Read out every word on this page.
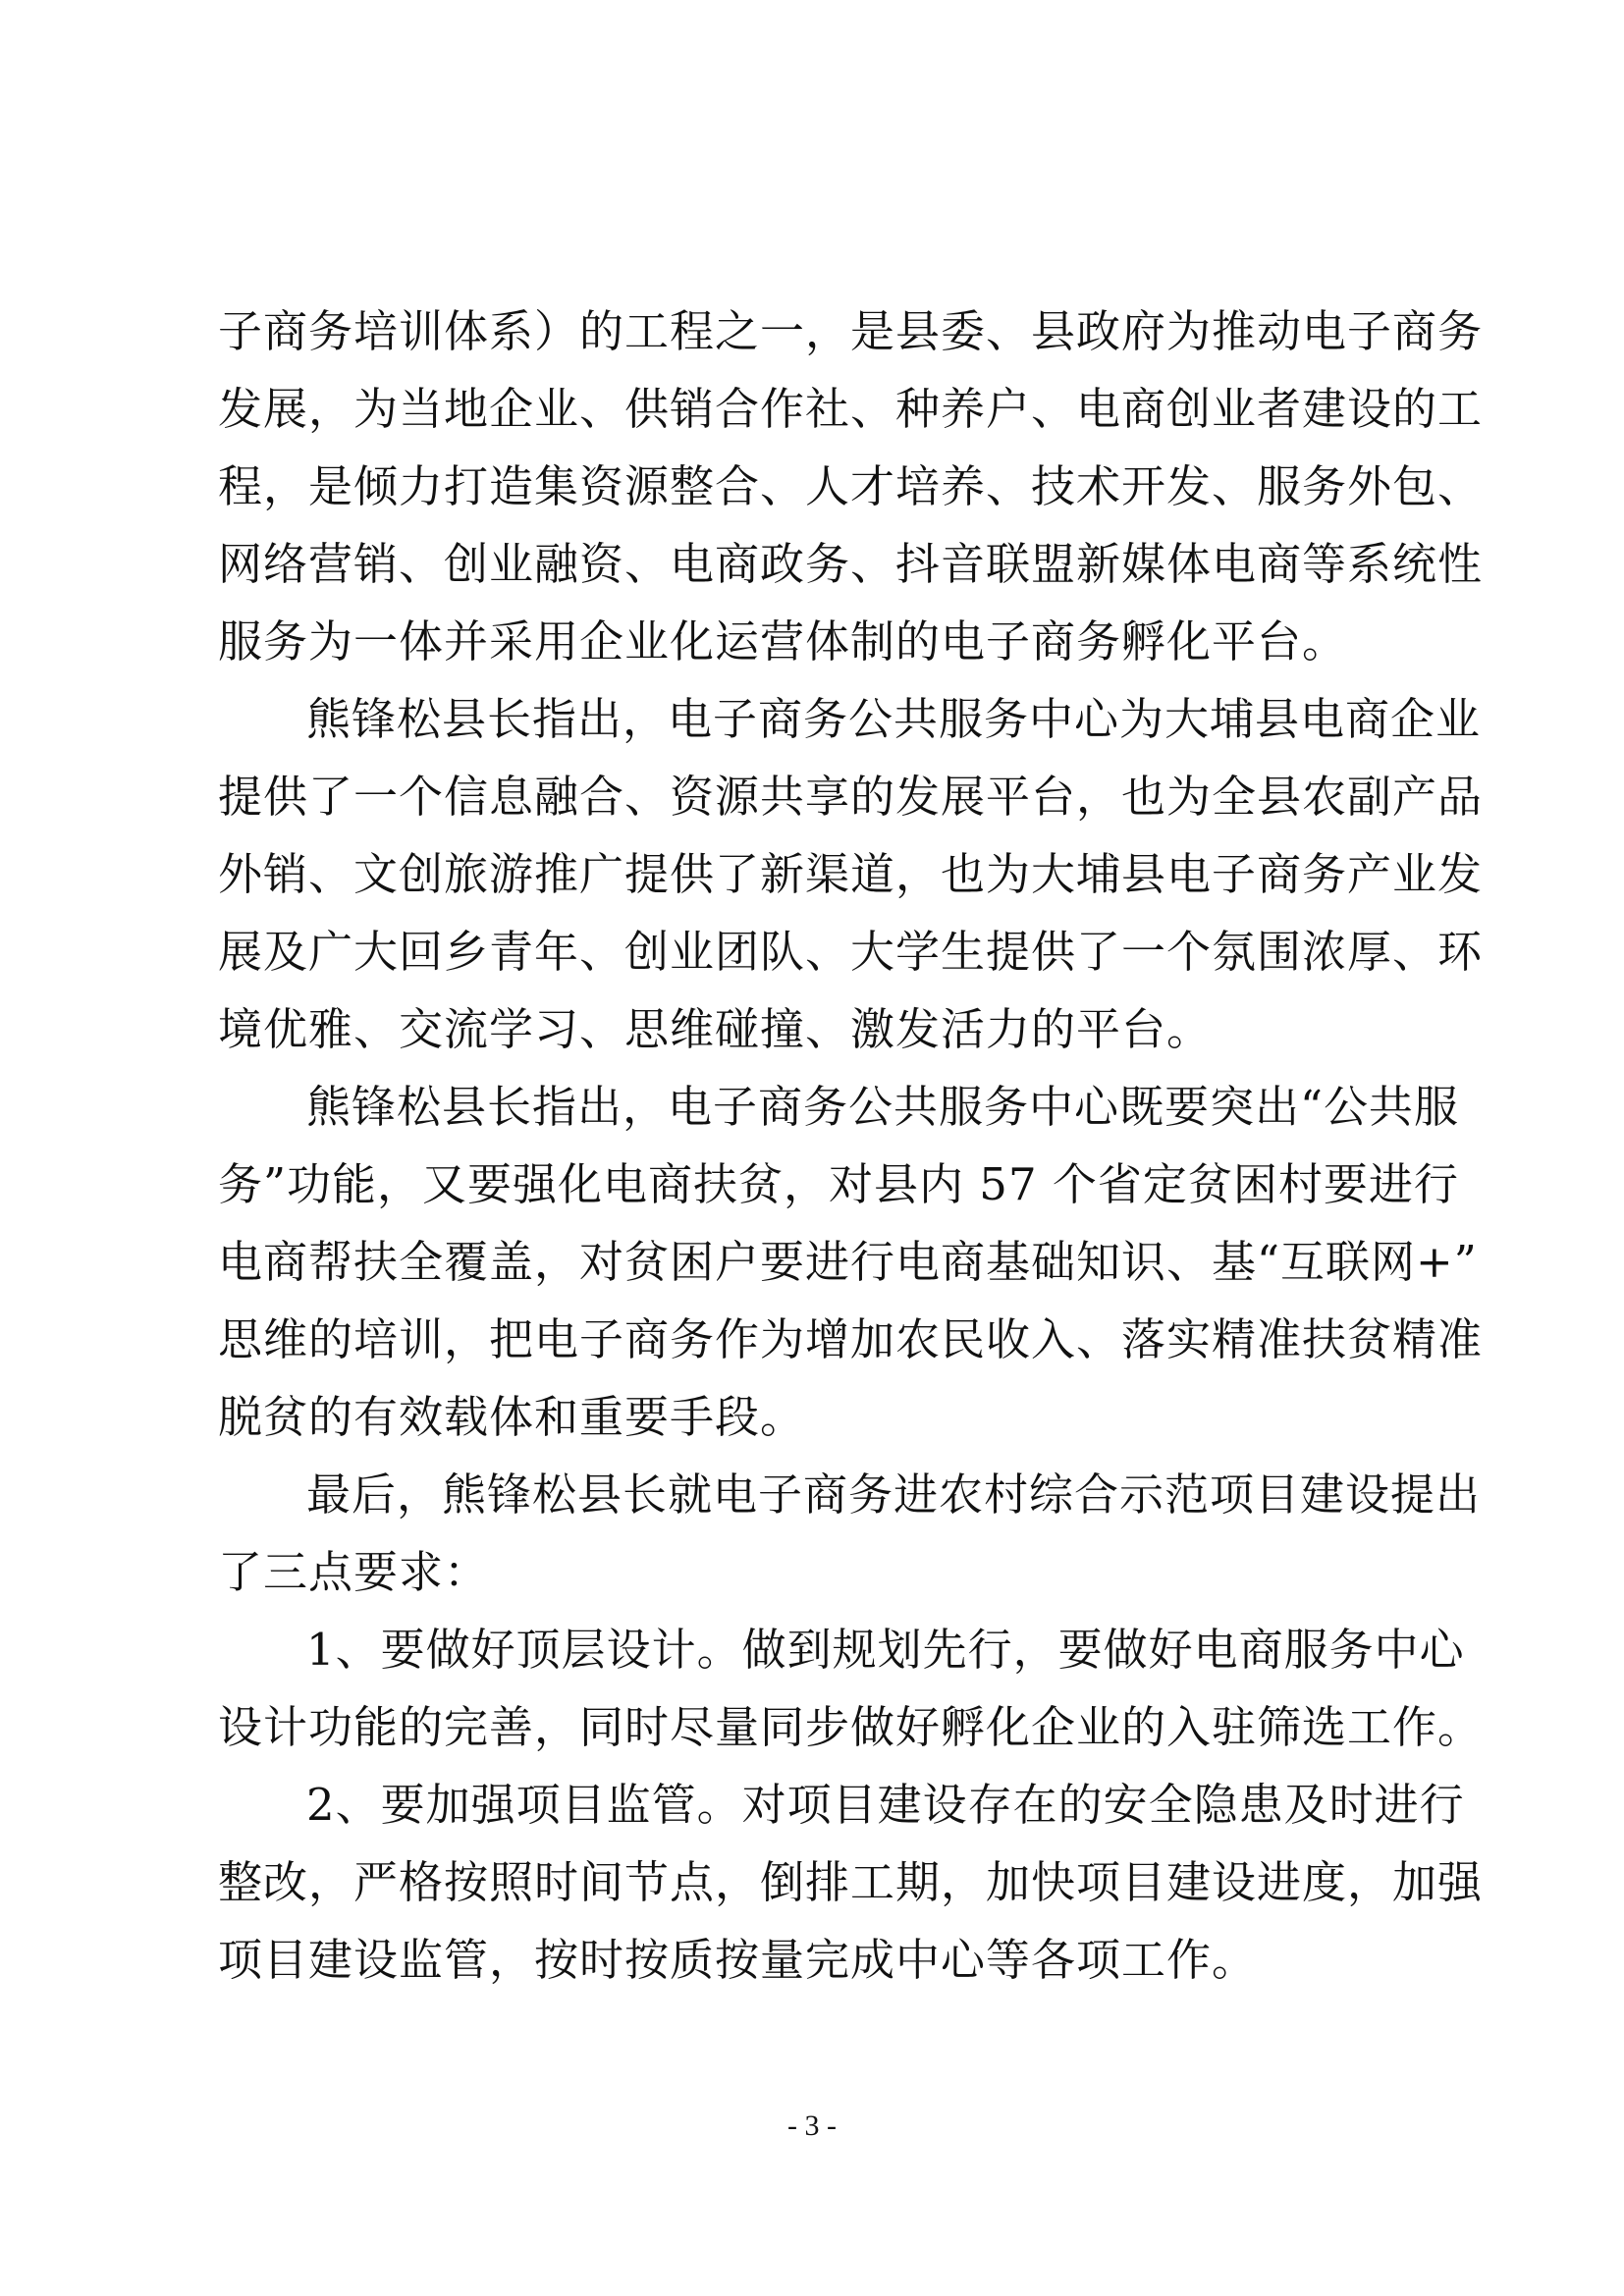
子商务培训体系）的工程之一，是县委、县政府为推动电子商务
发展，为当地企业、供销合作社、种养户、电商创业者建设的工
程，是倾力打造集资源整合、人才培养、技术开发、服务外包、
网络营销、创业融资、电商政务、抖音联盟新媒体电商等系统性
服务为一体并采用企业化运营体制的电子商务孵化平台。
熊锋松县长指出，电子商务公共服务中心为大埔县电商企业
提供了一个信息融合、资源共享的发展平台，也为全县农副产品
外销、文创旅游推广提供了新渠道，也为大埔县电子商务产业发
展及广大回乡青年、创业团队、大学生提供了一个氛围浓厚、环
境优雅、交流学习、思维碰撞、激发活力的平台。
熊锋松县长指出，电子商务公共服务中心既要突出“公共服
务”功能，又要强化电商扶贫，对县内 57 个省定贫困村要进行
电商帮扶全覆盖，对贫困户要进行电商基础知识、基“互联网+”
思维的培训，把电子商务作为增加农民收入、落实精准扶贫精准
脱贫的有效载体和重要手段。
最后，熊锋松县长就电子商务进农村综合示范项目建设提出
了三点要求：
1、要做好顶层设计。做到规划先行，要做好电商服务中心
设计功能的完善，同时尽量同步做好孵化企业的入驻筛选工作。
2、要加强项目监管。对项目建设存在的安全隐患及时进行
整改，严格按照时间节点，倒排工期，加快项目建设进度，加强
项目建设监管，按时按质按量完成中心等各项工作。
- 3 -
